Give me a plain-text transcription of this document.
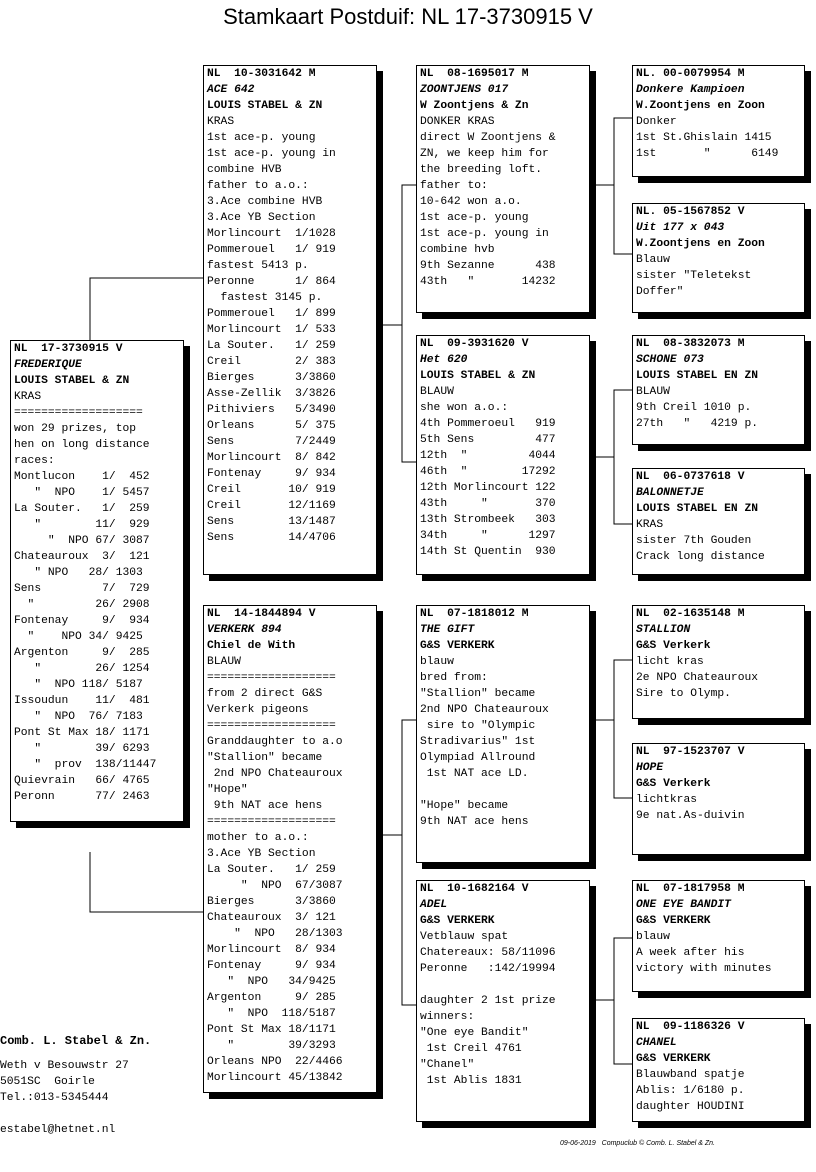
Stamkaart Postduif: NL 17-3730915 V
NL  17-3730915 V
FREDERIQUE
LOUIS STABEL & ZN
KRAS
===================
won 29 prizes, top
hen on long distance
races:
Montlucon    1/  452
"  NPO    1/ 5457
La Souter.   1/  259
"        11/  929
"  NPO 67/ 3087
Chateauroux  3/  121
" NPO   28/ 1303
Sens         7/  729
"         26/ 2908
Fontenay     9/  934
"    NPO 34/ 9425
Argenton     9/  285
"        26/ 1254
"  NPO 118/ 5187
Issoudun    11/  481
"  NPO  76/ 7183
Pont St Max 18/ 1171
"        39/ 6293
"  prov  138/11447
Quievrain   66/ 4765
Peronn      77/ 2463
NL  10-3031642 M
ACE 642
LOUIS STABEL & ZN
KRAS
1st ace-p. young
1st ace-p. young in
combine HVB
father to a.o.:
3.Ace combine HVB
3.Ace YB Section
Morlincourt  1/1028
Pommerouel   1/ 919
fastest 5413 p.
Peronne      1/ 864
fastest 3145 p.
Pommerouel   1/ 899
Morlincourt  1/ 533
La Souter.   1/ 259
Creil        2/ 383
Bierges      3/3860
Asse-Zellik  3/3826
Pithiviers   5/3490
Orleans      5/ 375
Sens         7/2449
Morlincourt  8/ 842
Fontenay     9/ 934
Creil       10/ 919
Creil       12/1169
Sens        13/1487
Sens        14/4706
NL  14-1844894 V
VERKERK 894
Chiel de With
BLAUW
===================
from 2 direct G&S
Verkerk pigeons
===================
Granddaughter to a.o
"Stallion" became
2nd NPO Chateauroux
"Hope"
9th NAT ace hens
===================
mother to a.o.:
3.Ace YB Section
La Souter.   1/ 259
"  NPO  67/3087
Bierges      3/3860
Chateauroux  3/ 121
"  NPO   28/1303
Morlincourt  8/ 934
Fontenay     9/ 934
"  NPO   34/9425
Argenton     9/ 285
"  NPO  118/5187
Pont St Max 18/1171
"        39/3293
Orleans NPO  22/4466
Morlincourt 45/13842
NL  08-1695017 M
ZOONTJENS 017
W Zoontjens & Zn
DONKER KRAS
direct W Zoontjens &
ZN, we keep him for
the breeding loft.
father to:
10-642 won a.o.
1st ace-p. young
1st ace-p. young in
combine hvb
9th Sezanne      438
43th   "       14232
NL  09-3931620 V
Het 620
LOUIS STABEL & ZN
BLAUW
she won a.o.:
4th Pommeroeul   919
5th Sens         477
12th  "         4044
46th  "        17292
12th Morlincourt 122
43th     "       370
13th Strombeek   303
34th     "      1297
14th St Quentin  930
NL  07-1818012 M
THE GIFT
G&S VERKERK
blauw
bred from:
"Stallion" became
2nd NPO Chateauroux
sire to "Olympic
Stradivarius" 1st
Olympiad Allround
1st NAT ace LD.
"Hope" became
9th NAT ace hens
NL  10-1682164 V
ADEL
G&S VERKERK
Vetblauw spat
Chatereaux: 58/11096
Peronne   :142/19994
daughter 2 1st prize
winners:
"One eye Bandit"
1st Creil 4761
"Chanel"
1st Ablis 1831
NL. 00-0079954 M
Donkere Kampioen
W.Zoontjens en Zoon
Donker
1st St.Ghislain 1415
1st       "      6149
NL. 05-1567852 V
Uit 177 x 043
W.Zoontjens en Zoon
Blauw
sister "Teletekst
Doffer"
NL  08-3832073 M
SCHONE 073
LOUIS STABEL EN ZN
BLAUW
9th Creil 1010 p.
27th   "   4219 p.
NL  06-0737618 V
BALONNETJE
LOUIS STABEL EN ZN
KRAS
sister 7th Gouden
Crack long distance
NL  02-1635148 M
STALLION
G&S Verkerk
licht kras
2e NPO Chateauroux
Sire to Olymp.
NL  97-1523707 V
HOPE
G&S Verkerk
lichtkras
9e nat.As-duivin
NL  07-1817958 M
ONE EYE BANDIT
G&S VERKERK
blauw
A week after his
victory with minutes
NL  09-1186326 V
CHANEL
G&S VERKERK
Blauwband spatje
Ablis: 1/6180 p.
daughter HOUDINI
Comb. L. Stabel & Zn.
Weth v Besouwstr 27
5051SC  Goirle
Tel.:013-5345444
estabel@hetnet.nl
09-06-2019   Compuclub © Comb. L. Stabel & Zn.
